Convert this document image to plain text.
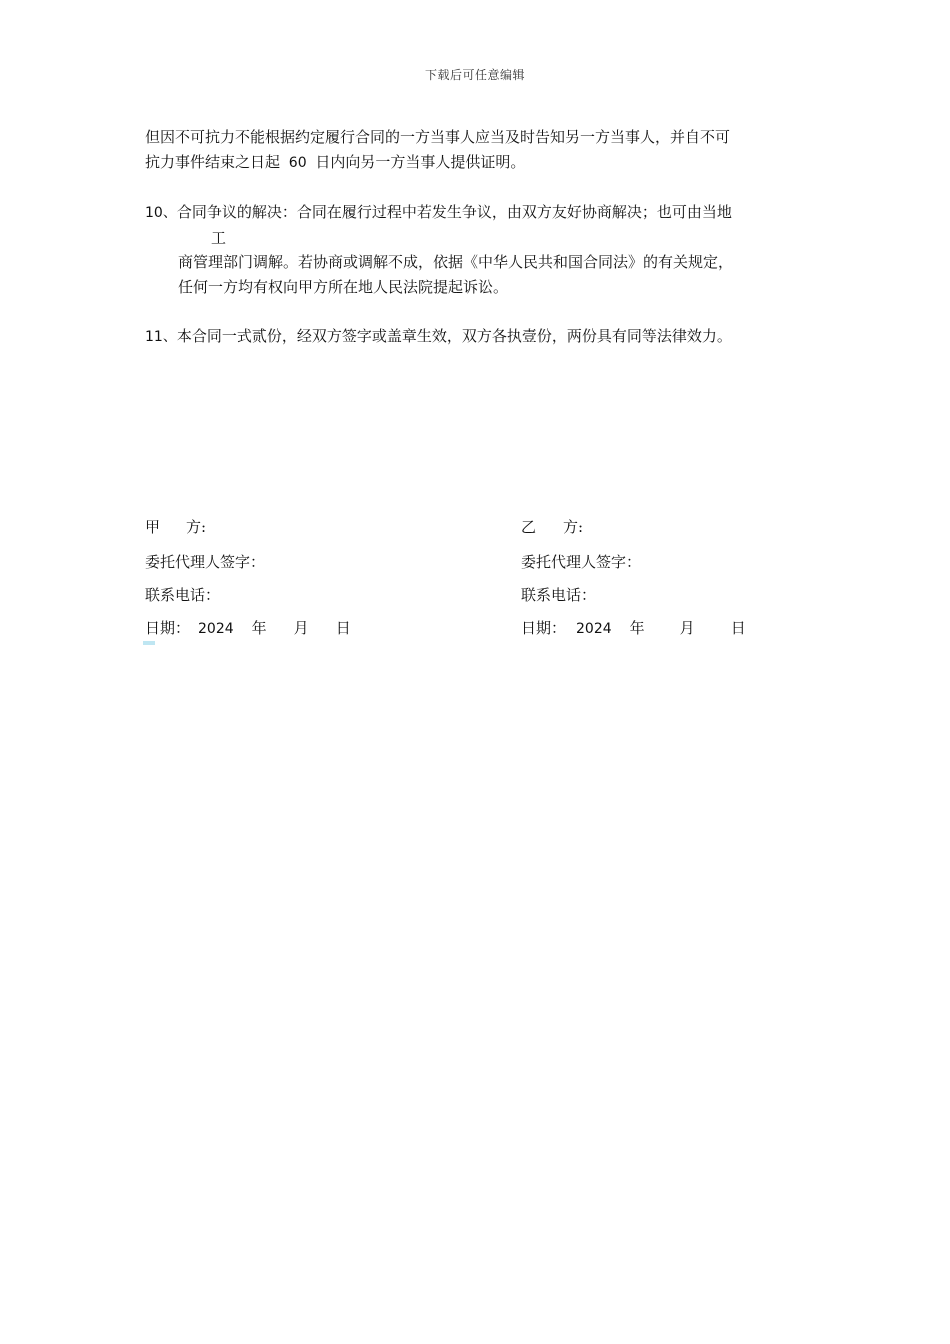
下载后可任意编辑
但因不可抗力不能根据约定履行合同的一方当事人应当及时告知另一方当事人，并自不可
抗力事件结束之日起 60 日内向另一方当事人提供证明。
10、合同争议的解决：合同在履行过程中若发生争议，由双方友好协商解决；也可由当地
工
商管理部门调解。若协商或调解不成，依据《中华人民共和国合同法》的有关规定，
任何一方均有权向甲方所在地人民法院提起诉讼。
11、本合同一式贰份，经双方签字或盖章生效，双方各执壹份，两份具有同等法律效力。
甲 方:
委托代理人签字：
联系电话：
日期： 2024 年 月 日
乙 方:
委托代理人签字：
联系电话：
日期： 2024 年 月 日
